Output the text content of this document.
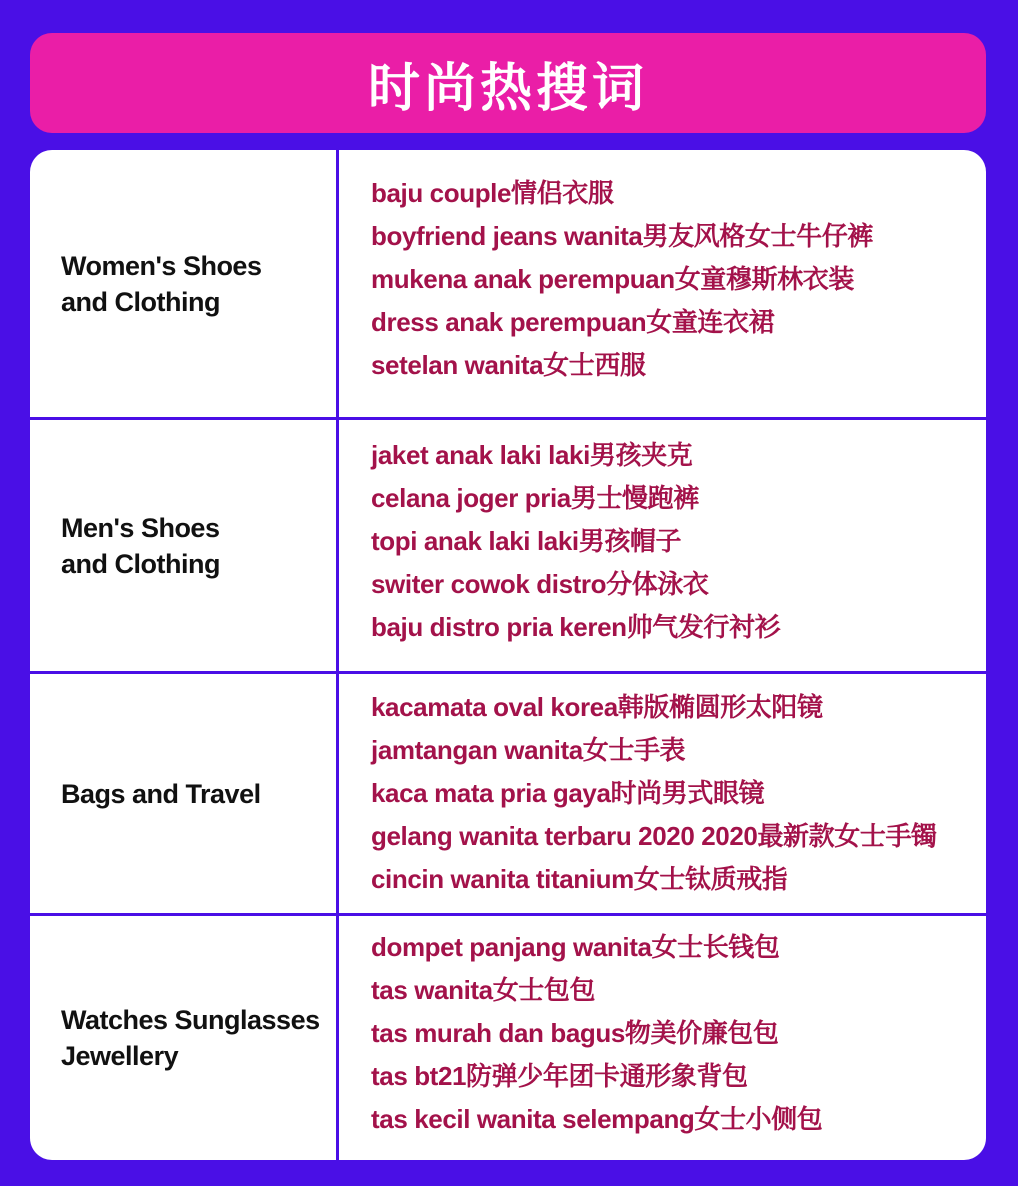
时尚热搜词
Women's Shoes
and Clothing
baju couple情侣衣服
boyfriend jeans wanita男友风格女士牛仔裤
mukena anak perempuan女童穆斯林衣装
dress anak perempuan女童连衣裙
setelan wanita女士西服
Men's Shoes
and Clothing
jaket anak laki laki男孩夹克
celana joger pria男士慢跑裤
topi anak laki laki男孩帽子
switer cowok distro分体泳衣
baju distro pria keren帅气发行衬衫
Bags and Travel
kacamata oval korea韩版椭圆形太阳镜
jamtangan wanita女士手表
kaca mata pria gaya时尚男式眼镜
gelang wanita terbaru 2020 2020最新款女士手镯
cincin wanita titanium女士钛质戒指
Watches Sunglasses
Jewellery
dompet panjang wanita女士长钱包
tas wanita女士包包
tas murah dan bagus物美价廉包包
tas bt21防弹少年团卡通形象背包
tas kecil wanita selempang女士小侧包
